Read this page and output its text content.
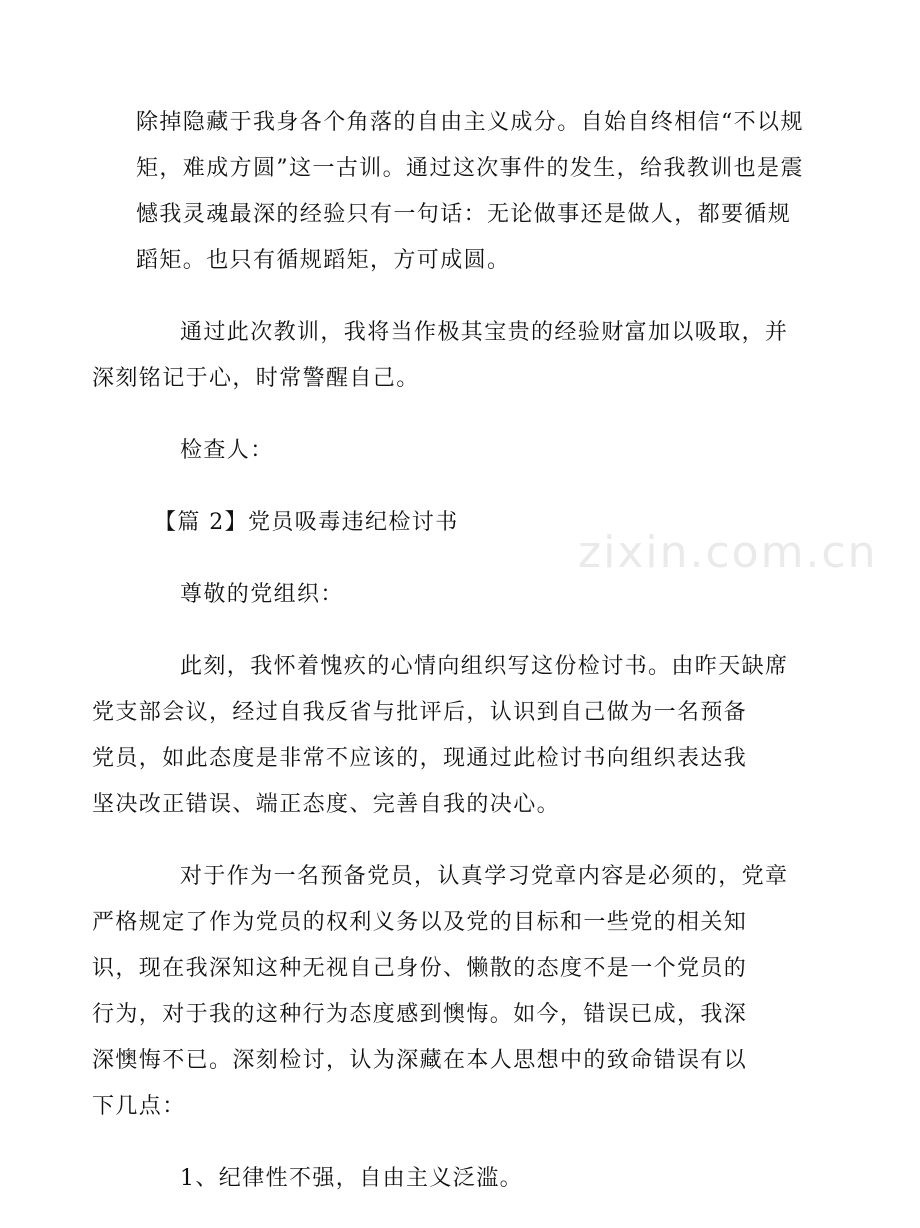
除掉隐藏于我身各个角落的自由主义成分。自始自终相信“不以规
矩，难成方圆”这一古训。通过这次事件的发生，给我教训也是震
憾我灵魂最深的经验只有一句话：无论做事还是做人，都要循规
蹈矩。也只有循规蹈矩，方可成圆。

通过此次教训，我将当作极其宝贵的经验财富加以吸取，并
深刻铭记于心，时常警醒自己。

检查人：

【篇 2】党员吸毒违纪检讨书

尊敬的党组织：

此刻，我怀着愧疚的心情向组织写这份检讨书。由昨天缺席
党支部会议，经过自我反省与批评后，认识到自己做为一名预备
党员，如此态度是非常不应该的，现通过此检讨书向组织表达我
坚决改正错误、端正态度、完善自我的决心。

对于作为一名预备党员，认真学习党章内容是必须的，党章
严格规定了作为党员的权利义务以及党的目标和一些党的相关知
识，现在我深知这种无视自己身份、懒散的态度不是一个党员的
行为，对于我的这种行为态度感到懊悔。如今，错误已成，我深
深懊悔不已。深刻检讨，认为深藏在本人思想中的致命错误有以
下几点：

1、纪律性不强，自由主义泛滥。

zixin.com.cn
